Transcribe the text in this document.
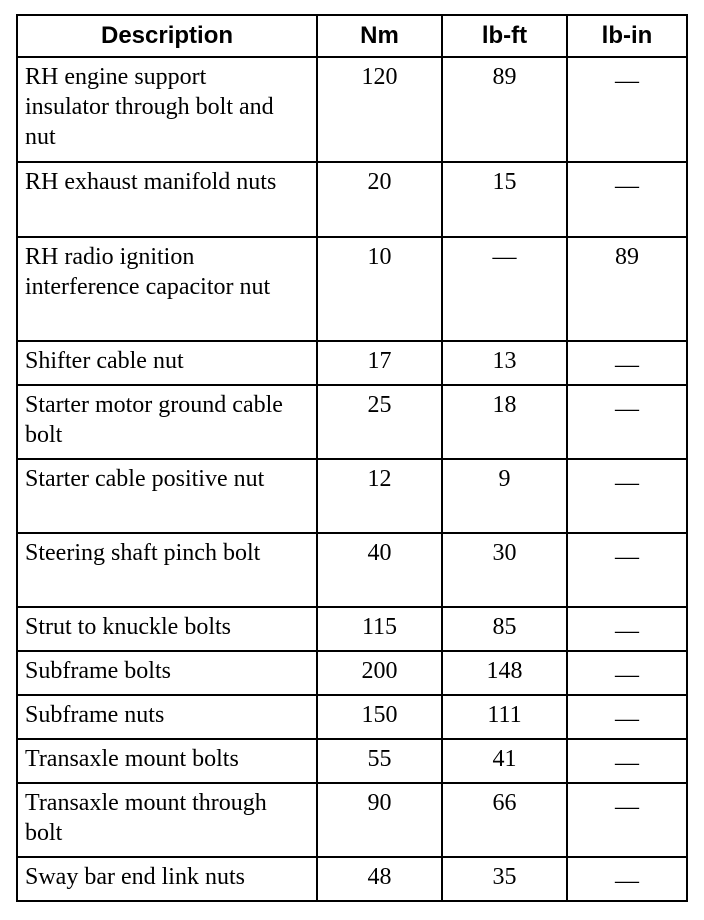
Description	Nm	lb-ft	lb-in
RH engine support insulator through bolt and nut	120	89	—
RH exhaust manifold nuts	20	15	—
RH radio ignition interference capacitor nut	10	—	89
Shifter cable nut	17	13	—
Starter motor ground cable bolt	25	18	—
Starter cable positive nut	12	9	—
Steering shaft pinch bolt	40	30	—
Strut to knuckle bolts	115	85	—
Subframe bolts	200	148	—
Subframe nuts	150	111	—
Transaxle mount bolts	55	41	—
Transaxle mount through bolt	90	66	—
Sway bar end link nuts	48	35	—
